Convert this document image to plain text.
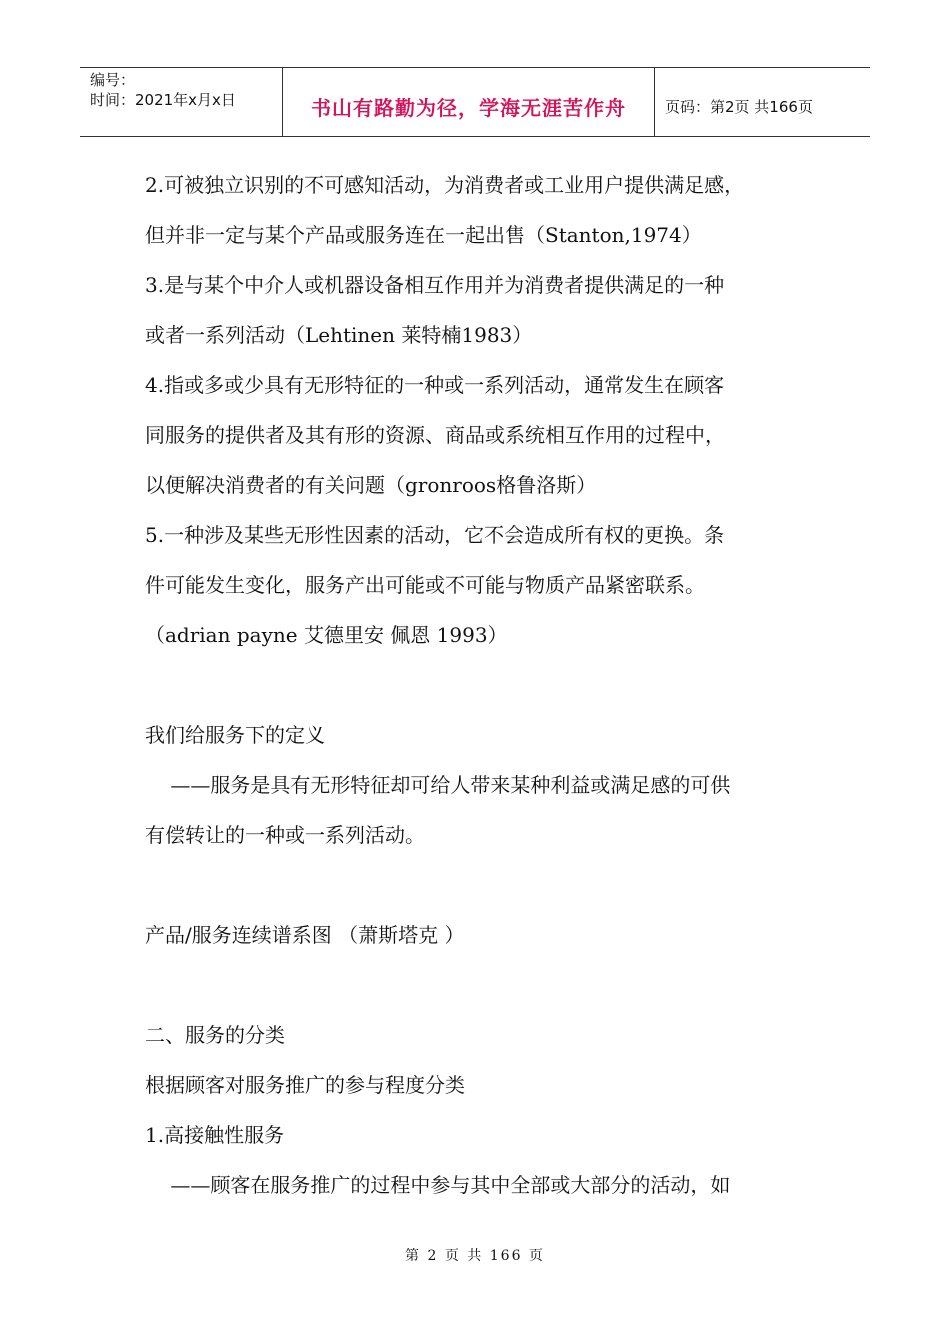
编号：
时间：2021年x月x日	书山有路勤为径，学海无涯苦作舟	页码：第2页 共166页
2.可被独立识别的不可感知活动，为消费者或工业用户提供满足感，
但并非一定与某个产品或服务连在一起出售（Stanton,1974）
3.是与某个中介人或机器设备相互作用并为消费者提供满足的一种
或者一系列活动（Lehtinen 莱特楠1983）
4.指或多或少具有无形特征的一种或一系列活动，通常发生在顾客
同服务的提供者及其有形的资源、商品或系统相互作用的过程中，
以便解决消费者的有关问题（gronroos格鲁洛斯）
5.一种涉及某些无形性因素的活动，它不会造成所有权的更换。条
件可能发生变化，服务产出可能或不可能与物质产品紧密联系。
（adrian payne 艾德里安 佩恩 1993）
我们给服务下的定义
——服务是具有无形特征却可给人带来某种利益或满足感的可供
有偿转让的一种或一系列活动。
产品/服务连续谱系图 （萧斯塔克 ）
二、服务的分类
根据顾客对服务推广的参与程度分类
1.高接触性服务
——顾客在服务推广的过程中参与其中全部或大部分的活动，如
第 2 页 共 166 页
